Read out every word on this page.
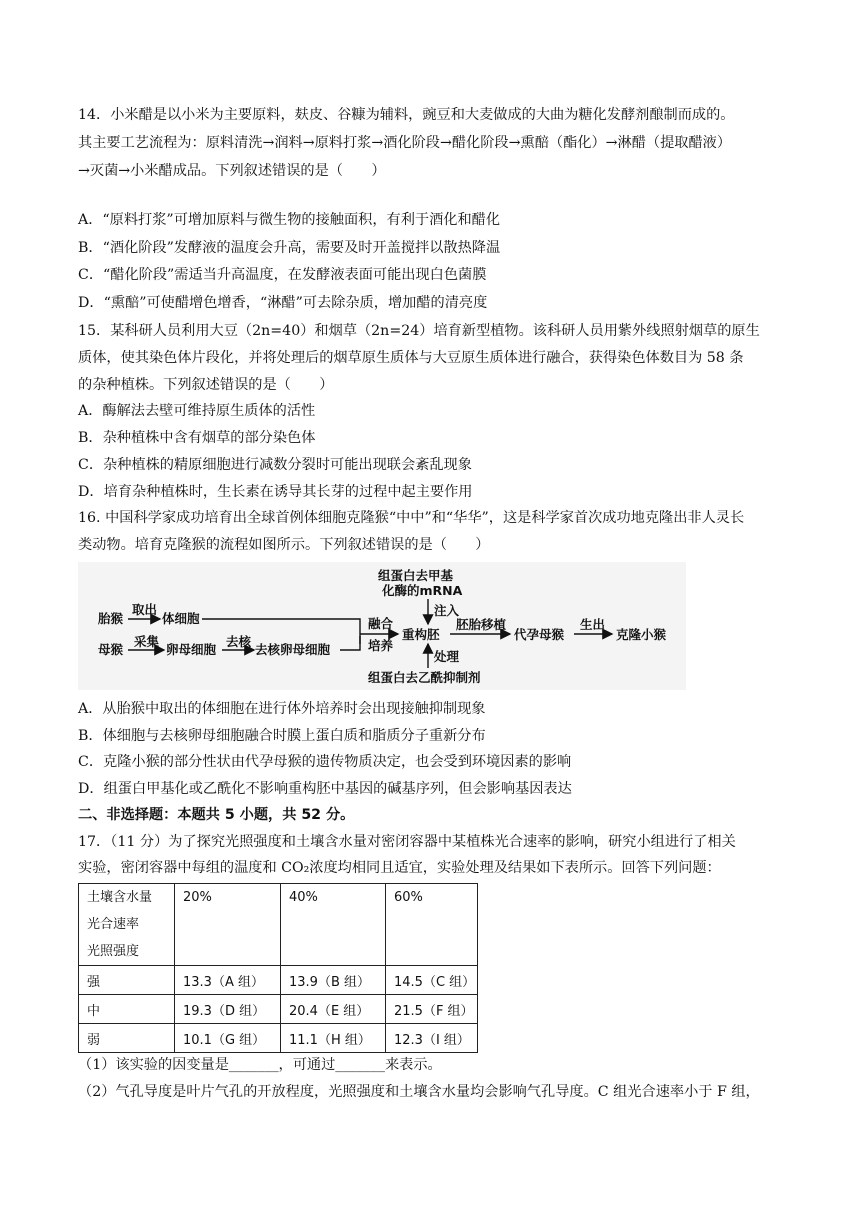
14．小米醋是以小米为主要原料，麸皮、谷糠为辅料，豌豆和大麦做成的大曲为糖化发酵剂酿制而成的。
其主要工艺流程为：原料清洗→润料→原料打浆→酒化阶段→醋化阶段→熏醅（酯化）→淋醋（提取醋液）
→灭菌→小米醋成品。下列叙述错误的是（　　）
A．“原料打浆”可增加原料与微生物的接触面积，有利于酒化和醋化
B．“酒化阶段”发酵液的温度会升高，需要及时开盖搅拌以散热降温
C．“醋化阶段”需适当升高温度，在发酵液表面可能出现白色菌膜
D．“熏醅”可使醋增色增香，“淋醋”可去除杂质，增加醋的清亮度
15．某科研人员利用大豆（2n=40）和烟草（2n=24）培育新型植物。该科研人员用紫外线照射烟草的原生
质体，使其染色体片段化，并将处理后的烟草原生质体与大豆原生质体进行融合，获得染色体数目为 58 条
的杂种植株。下列叙述错误的是（　　）
A．酶解法去壁可维持原生质体的活性
B．杂种植株中含有烟草的部分染色体
C．杂种植株的精原细胞进行减数分裂时可能出现联会紊乱现象
D．培育杂种植株时，生长素在诱导其长芽的过程中起主要作用
16. 中国科学家成功培育出全球首例体细胞克隆猴“中中”和“华华”，这是科学家首次成功地克隆出非人灵长
类动物。培育克隆猴的流程如图所示。下列叙述错误的是（　　）
胎猴
取出
体细胞
母猴
采集
卵母细胞
去核
去核卵母细胞
融合
培养
组蛋白去甲基
化酶的mRNA
注入
重构胚
胚胎移植
代孕母猴
生出
克隆小猴
处理
组蛋白去乙酰抑制剂
A．从胎猴中取出的体细胞在进行体外培养时会出现接触抑制现象
B．体细胞与去核卵母细胞融合时膜上蛋白质和脂质分子重新分布
C．克隆小猴的部分性状由代孕母猴的遗传物质决定，也会受到环境因素的影响
D．组蛋白甲基化或乙酰化不影响重构胚中基因的碱基序列，但会影响基因表达
二、非选择题：本题共 5 小题，共 52 分。
17．（11 分）为了探究光照强度和土壤含水量对密闭容器中某植株光合速率的影响，研究小组进行了相关
实验，密闭容器中每组的温度和 CO₂浓度均相同且适宜，实验处理及结果如下表所示。回答下列问题：
土壤含水量
光合速率
光照强度	20%	40%	60%
强	13.3（A 组）	13.9（B 组）	14.5（C 组）
中	19.3（D 组）	20.4（E 组）	21.5（F 组）
弱	10.1（G 组）	11.1（H 组）	12.3（I 组）
（1）该实验的因变量是_______，可通过_______来表示。
（2）气孔导度是叶片气孔的开放程度，光照强度和土壤含水量均会影响气孔导度。C 组光合速率小于 F 组，
